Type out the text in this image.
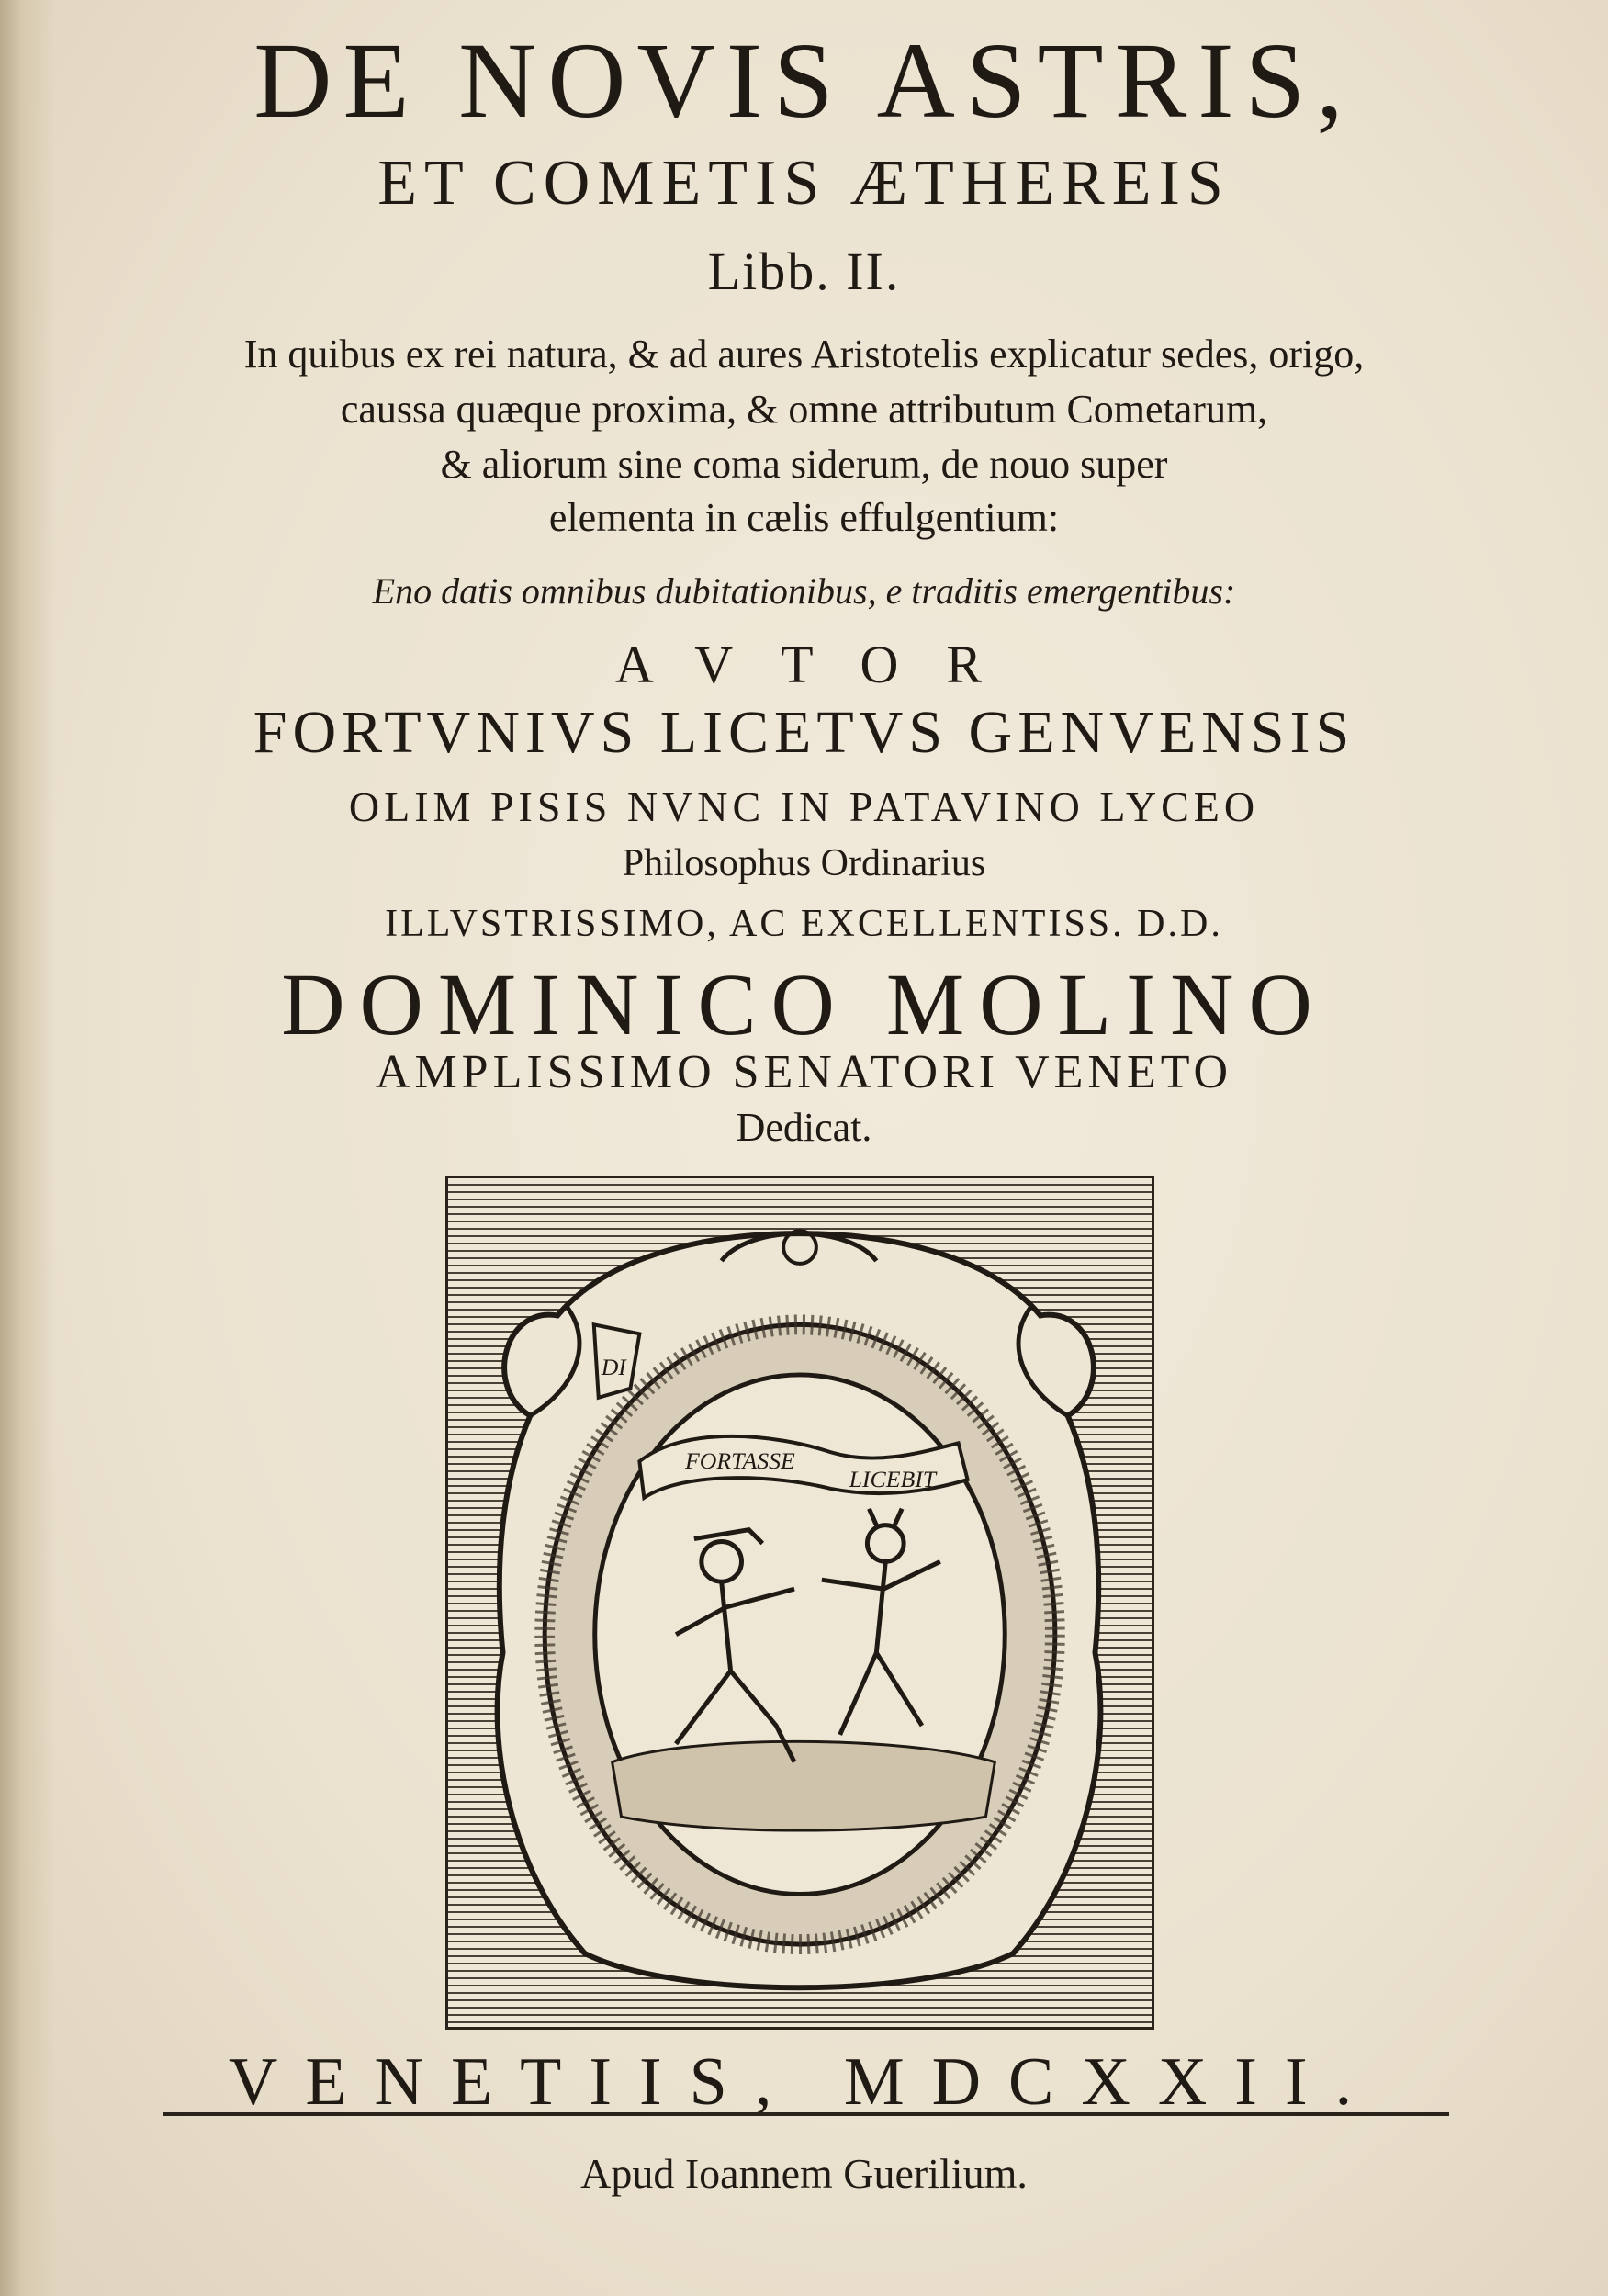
DE NOVIS ASTRIS,
ET COMETIS ÆTHEREIS
Libb. II.
In quibus ex rei natura, & ad aures Aristotelis explicatur sedes, origo,
caussa quæque proxima, & omne attributum Cometarum,
& aliorum sine coma siderum, de nouo super
elementa in cælis effulgentium:
Eno datis omnibus dubitationibus, e traditis emergentibus:
AVTOR
FORTVNIVS LICETVS GENVENSIS
OLIM PISIS NVNC IN PATAVINO LYCEO
Philosophus Ordinarius
ILLVSTRISSIMO, AC EXCELLENTISS. D.D.
DOMINICO MOLINO
AMPLISSIMO SENATORI VENETO
Dedicat.
DI
FORTASSE
LICEBIT
VENETIIS, MDCXXII.
Apud Ioannem Guerilium.
